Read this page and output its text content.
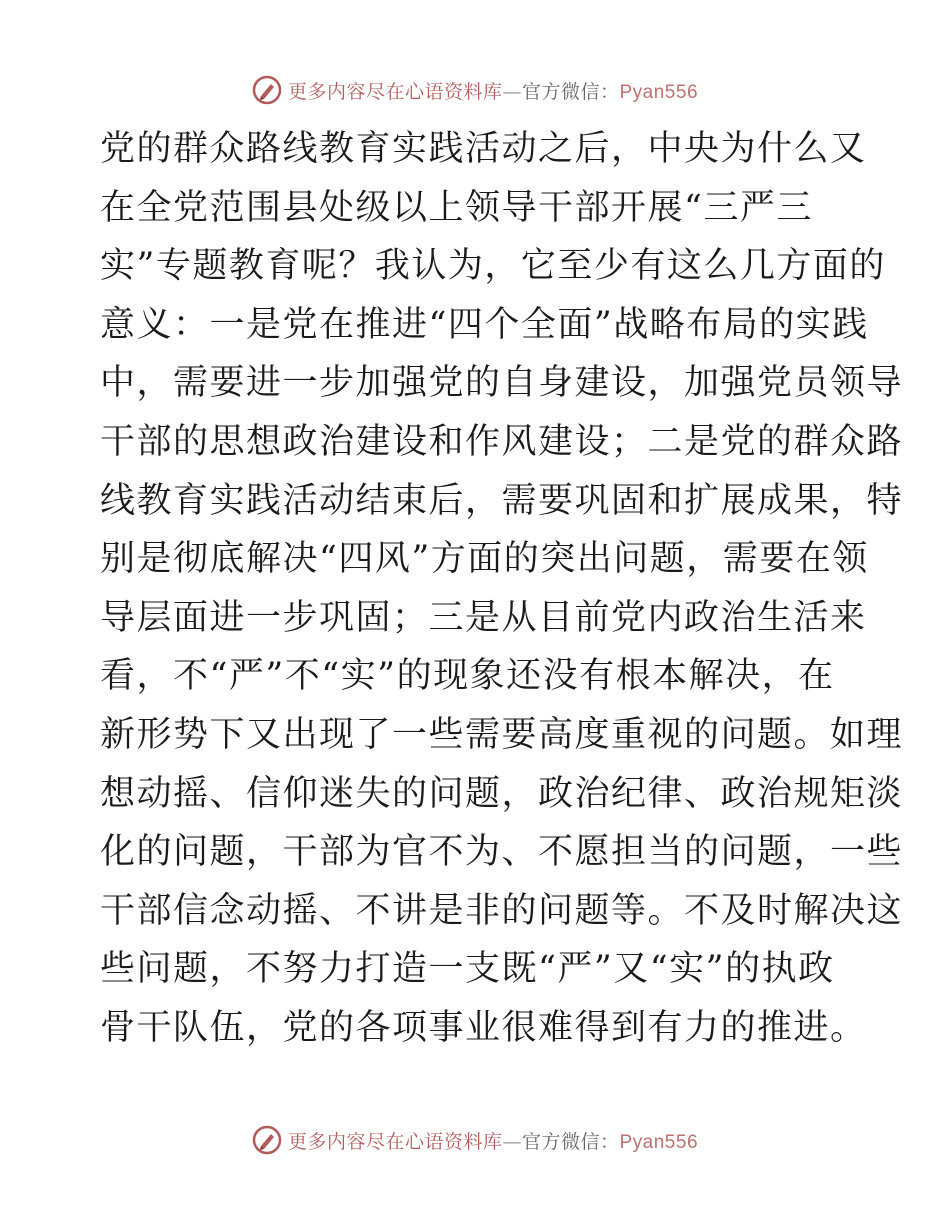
更多内容尽在心语资料库—官方微信：Pyan556
党的群众路线教育实践活动之后，中央为什么又
在全党范围县处级以上领导干部开展“三严三
实”专题教育呢？我认为，它至少有这么几方面的
意义：一是党在推进“四个全面”战略布局的实践
中，需要进一步加强党的自身建设，加强党员领导
干部的思想政治建设和作风建设；二是党的群众路
线教育实践活动结束后，需要巩固和扩展成果，特
别是彻底解决“四风”方面的突出问题，需要在领
导层面进一步巩固；三是从目前党内政治生活来
看，不“严”不“实”的现象还没有根本解决，在
新形势下又出现了一些需要高度重视的问题。如理
想动摇、信仰迷失的问题，政治纪律、政治规矩淡
化的问题，干部为官不为、不愿担当的问题，一些
干部信念动摇、不讲是非的问题等。不及时解决这
些问题，不努力打造一支既“严”又“实”的执政
骨干队伍，党的各项事业很难得到有力的推进。
更多内容尽在心语资料库—官方微信：Pyan556
